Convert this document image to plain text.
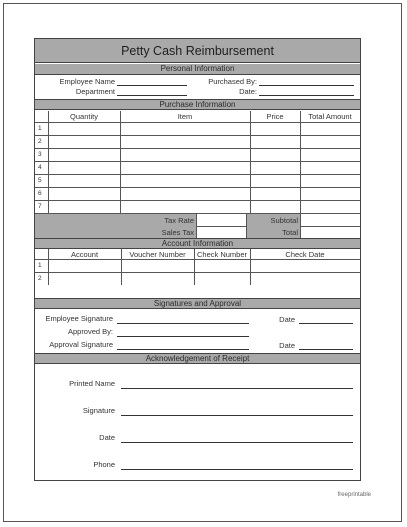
Petty Cash Reimbursement
Personal Information
Employee Name
Department
Purchased By:
Date:
Purchase Information
Quantity	Item	Price	Total Amount
1
2
3
4
5
6
7
Tax Rate
Sales Tax
Subtotal
Total
Account Information
Account	Voucher Number	Check Number	Check Date
1
2
Signatures and Approval
Employee Signature
Approved By:
Approval Signature
Date
Date
Acknowledgement of Receipt
Printed Name
Signature
Date
Phone
freeprintable
